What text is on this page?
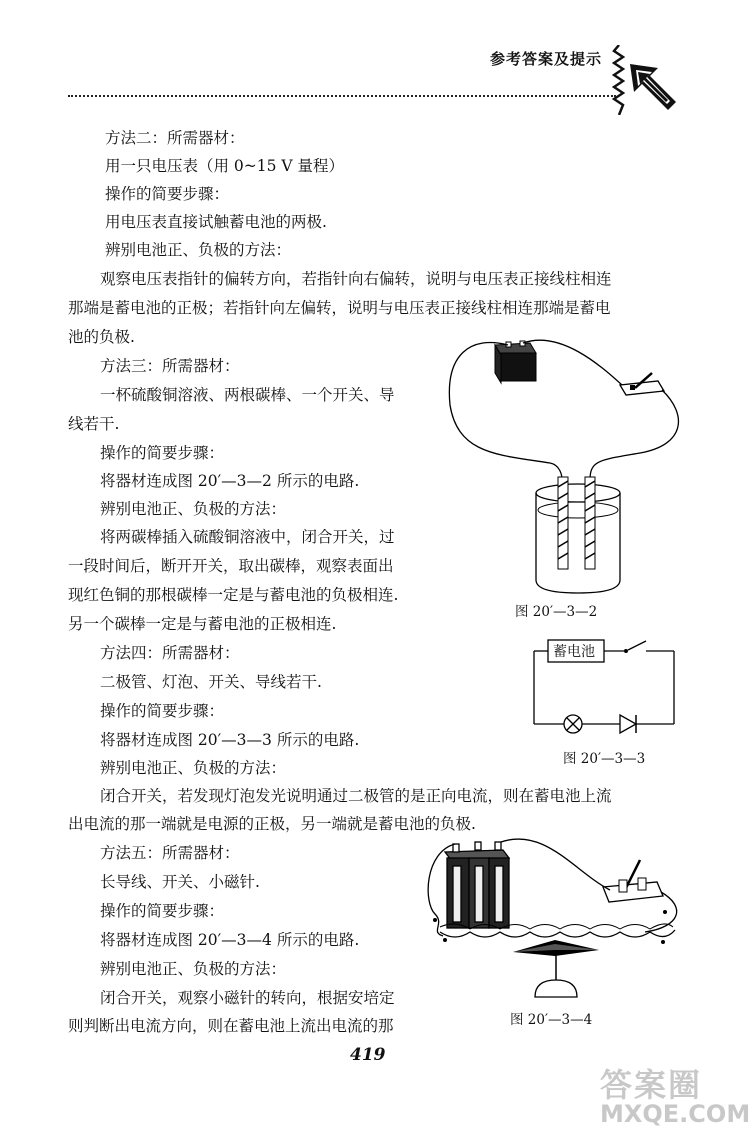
参考答案及提示
方法二：所需器材：
用一只电压表（用 0~15 V 量程）
操作的简要步骤：
用电压表直接试触蓄电池的两极.
辨别电池正、负极的方法：
观察电压表指针的偏转方向，若指针向右偏转，说明与电压表正接线柱相连
那端是蓄电池的正极；若指针向左偏转，说明与电压表正接线柱相连那端是蓄电
池的负极.
方法三：所需器材：
一杯硫酸铜溶液、两根碳棒、一个开关、导
线若干.
操作的简要步骤：
将器材连成图 20′—3—2 所示的电路.
辨别电池正、负极的方法：
将两碳棒插入硫酸铜溶液中，闭合开关，过
一段时间后，断开开关，取出碳棒，观察表面出
现红色铜的那根碳棒一定是与蓄电池的负极相连.
另一个碳棒一定是与蓄电池的正极相连.
方法四：所需器材：
二极管、灯泡、开关、导线若干.
操作的简要步骤：
将器材连成图 20′—3—3 所示的电路.
辨别电池正、负极的方法：
闭合开关，若发现灯泡发光说明通过二极管的是正向电流，则在蓄电池上流
出电流的那一端就是电源的正极，另一端就是蓄电池的负极.
方法五：所需器材：
长导线、开关、小磁针.
操作的简要步骤：
将器材连成图 20′—3—4 所示的电路.
辨别电池正、负极的方法：
闭合开关，观察小磁针的转向，根据安培定
则判断出电流方向，则在蓄电池上流出电流的那
图 20′—3—2
蓄电池
图 20′—3—3
图 20′—3—4
419
答案圈
MXQE.COM
